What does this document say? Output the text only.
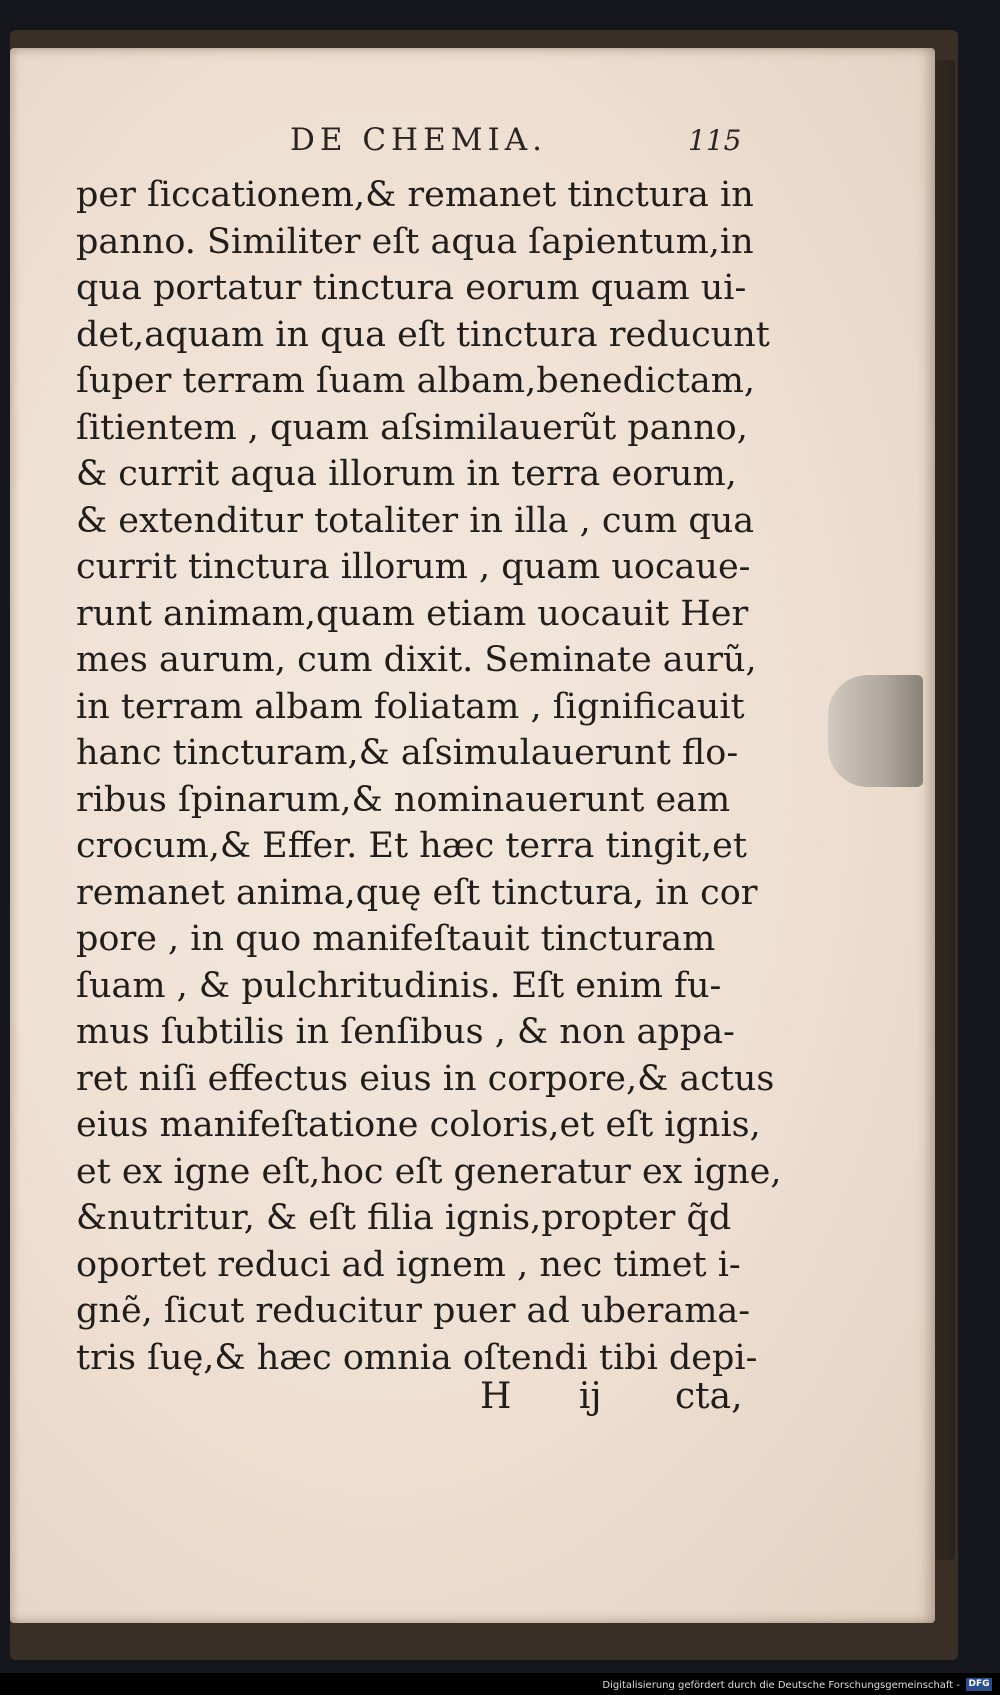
DE CHEMIA.	115
per ſiccationem,& remanet tinctura in
panno. Similiter eſt aqua ſapientum,in
qua portatur tinctura eorum quam ui-
det,aquam in qua eſt tinctura reducunt
ſuper terram ſuam albam,benedictam,
ſitientem , quam aſsimilauerũt panno,
& currit aqua illorum in terra eorum,
& extenditur totaliter in illa , cum qua
currit tinctura illorum , quam uocaue-
runt animam,quam etiam uocauit Her
mes aurum, cum dixit. Seminate aurũ,
in terram albam foliatam , ſignificauit
hanc tincturam,& aſsimulauerunt flo-
ribus ſpinarum,& nominauerunt eam
crocum,& Effer. Et hæc terra tingit,et
remanet anima,quę eſt tinctura, in cor
pore , in quo manifeſtauit tincturam
ſuam , & pulchritudinis. Eſt enim fu-
mus ſubtilis in ſenſibus , & non appa-
ret niſi effectus eius in corpore,& actus
eius manifeſtatione coloris,et eſt ignis,
et ex igne eſt,hoc eſt generatur ex igne,
&nutritur, & eſt filia ignis,propter q̃d
oportet reduci ad ignem , nec timet i-
gnẽ, ſicut reducitur puer ad uberama-
tris ſuę,& hæc omnia oſtendi tibi depi-
H ij	cta,
Digitalisierung gefördert durch die Deutsche Forschungsgemeinschaft - DFG
